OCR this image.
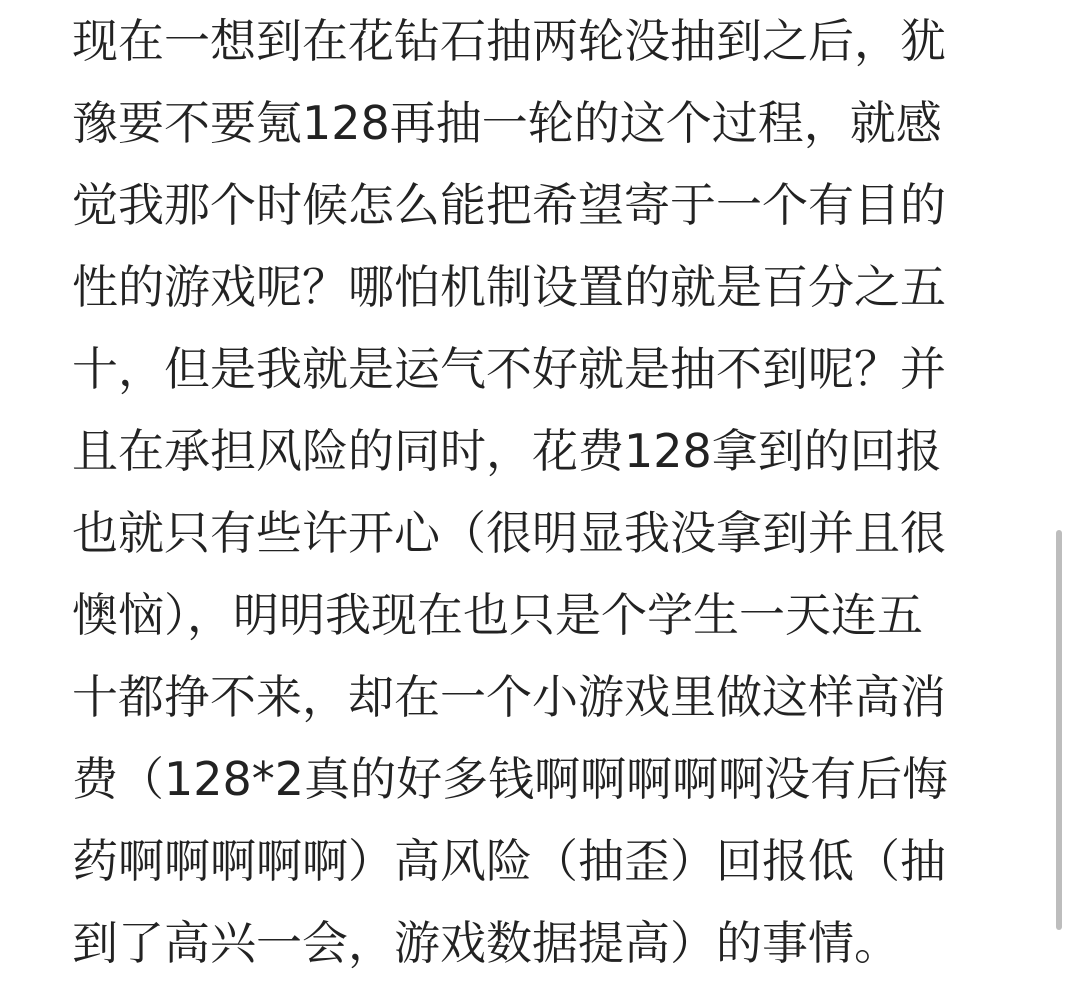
现在一想到在花钻石抽两轮没抽到之后，犹
豫要不要氪128再抽一轮的这个过程，就感
觉我那个时候怎么能把希望寄于一个有目的
性的游戏呢？哪怕机制设置的就是百分之五
十，但是我就是运气不好就是抽不到呢？并
且在承担风险的同时，花费128拿到的回报
也就只有些许开心（很明显我没拿到并且很
懊恼），明明我现在也只是个学生一天连五
十都挣不来，却在一个小游戏里做这样高消
费（128*2真的好多钱啊啊啊啊啊没有后悔
药啊啊啊啊啊）高风险（抽歪）回报低（抽
到了高兴一会，游戏数据提高）的事情。
